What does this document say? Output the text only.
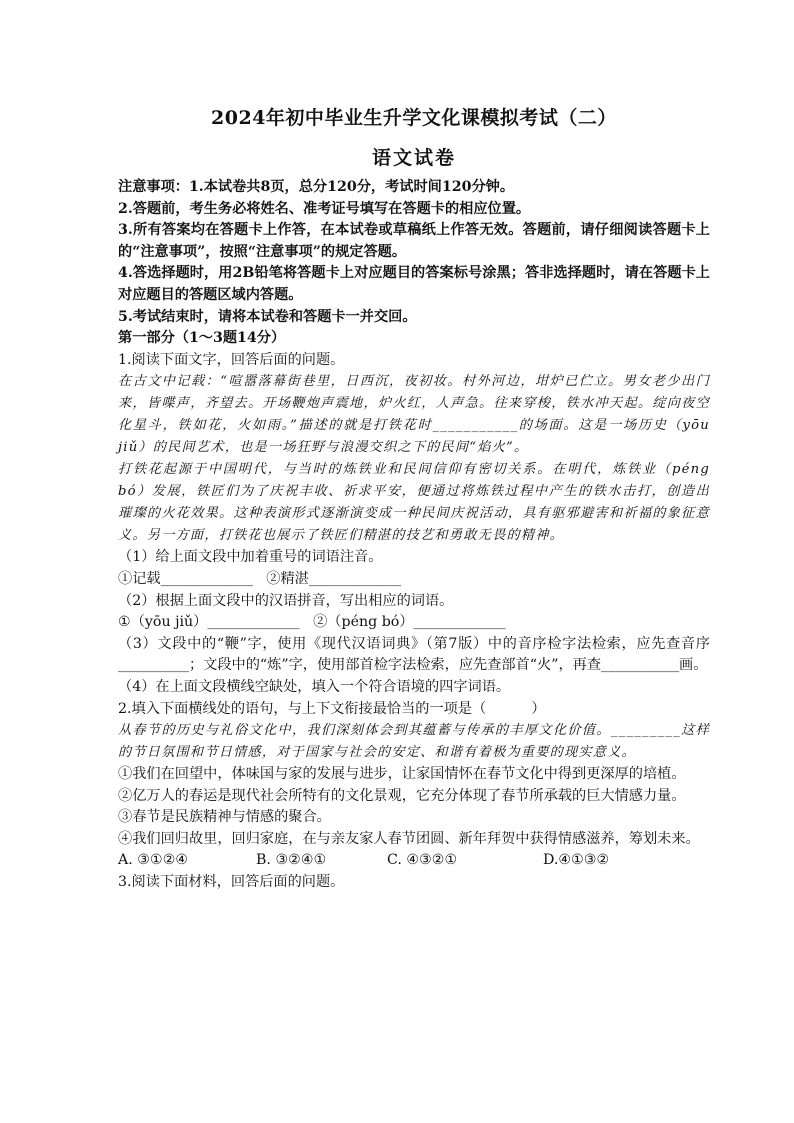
2024年初中毕业生升学文化课模拟考试（二）
语文试卷

注意事项：1.本试卷共8页，总分120分，考试时间120分钟。

2.答题前，考生务必将姓名、准考证号填写在答题卡的相应位置。

3.所有答案均在答题卡上作答，在本试卷或草稿纸上作答无效。答题前，请仔细阅读答题卡上的“注意事项”，按照“注意事项”的规定答题。

4.答选择题时，用2B铅笔将答题卡上对应题目的答案标号涂黑；答非选择题时，请在答题卡上对应题目的答题区域内答题。

5.考试结束时，请将本试卷和答题卡一并交回。

第一部分（1～3题14分）

1.阅读下面文字，回答后面的问题。

在古文中记载：“喧嚣落幕街巷里，日西沉，夜初妆。村外河边，坩炉已伫立。男女老少出门来，皆喋声，齐望去。开场鞭炮声震地，炉火红，人声急。往来穿梭，铁水冲天起。绽向夜空化星斗，铁如花，火如雨。”描述的就是打铁花时___________的场面。这是一场历史（yōu jiǔ）的民间艺术，也是一场狂野与浪漫交织之下的民间“焰火”。

打铁花起源于中国明代，与当时的炼铁业和民间信仰有密切关系。在明代，炼铁业（péng bó）发展，铁匠们为了庆祝丰收、祈求平安，便通过将炼铁过程中产生的铁水击打，创造出璀璨的火花效果。这种表演形式逐渐演变成一种民间庆祝活动，具有驱邪避害和祈福的象征意义。另一方面，打铁花也展示了铁匠们精湛的技艺和勇敢无畏的精神。

（1）给上面文段中加着重号的词语注音。

①记载_____________   ②精湛_____________

（2）根据上面文段中的汉语拼音，写出相应的词语。

①（yōu jiǔ）_____________   ②（péng bó）_____________

（3）文段中的“鞭”字，使用《现代汉语词典》（第7版）中的音序检字法检索，应先查音序__________；文段中的“炼”字，使用部首检字法检索，应先查部首“火”，再查___________画。

（4）在上面文段横线空缺处，填入一个符合语境的四字词语。

2.填入下面横线处的语句，与上下文衔接最恰当的一项是（          ）

从春节的历史与礼俗文化中，我们深刻体会到其蕴蓄与传承的丰厚文化价值。_________这样的节日氛围和节日情感，对于国家与社会的安定、和谐有着极为重要的现实意义。

①我们在回望中，体味国与家的发展与进步，让家国情怀在春节文化中得到更深厚的培植。

②亿万人的春运是现代社会所特有的文化景观，它充分体现了春节所承载的巨大情感力量。

③春节是民族精神与情感的聚合。

④我们回归故里，回归家庭，在与亲友家人春节团圆、新年拜贺中获得情感滋养，筹划未来。

A. ③①②④	B. ③②④①	C. ④③②①	D.④①③②

3.阅读下面材料，回答后面的问题。
